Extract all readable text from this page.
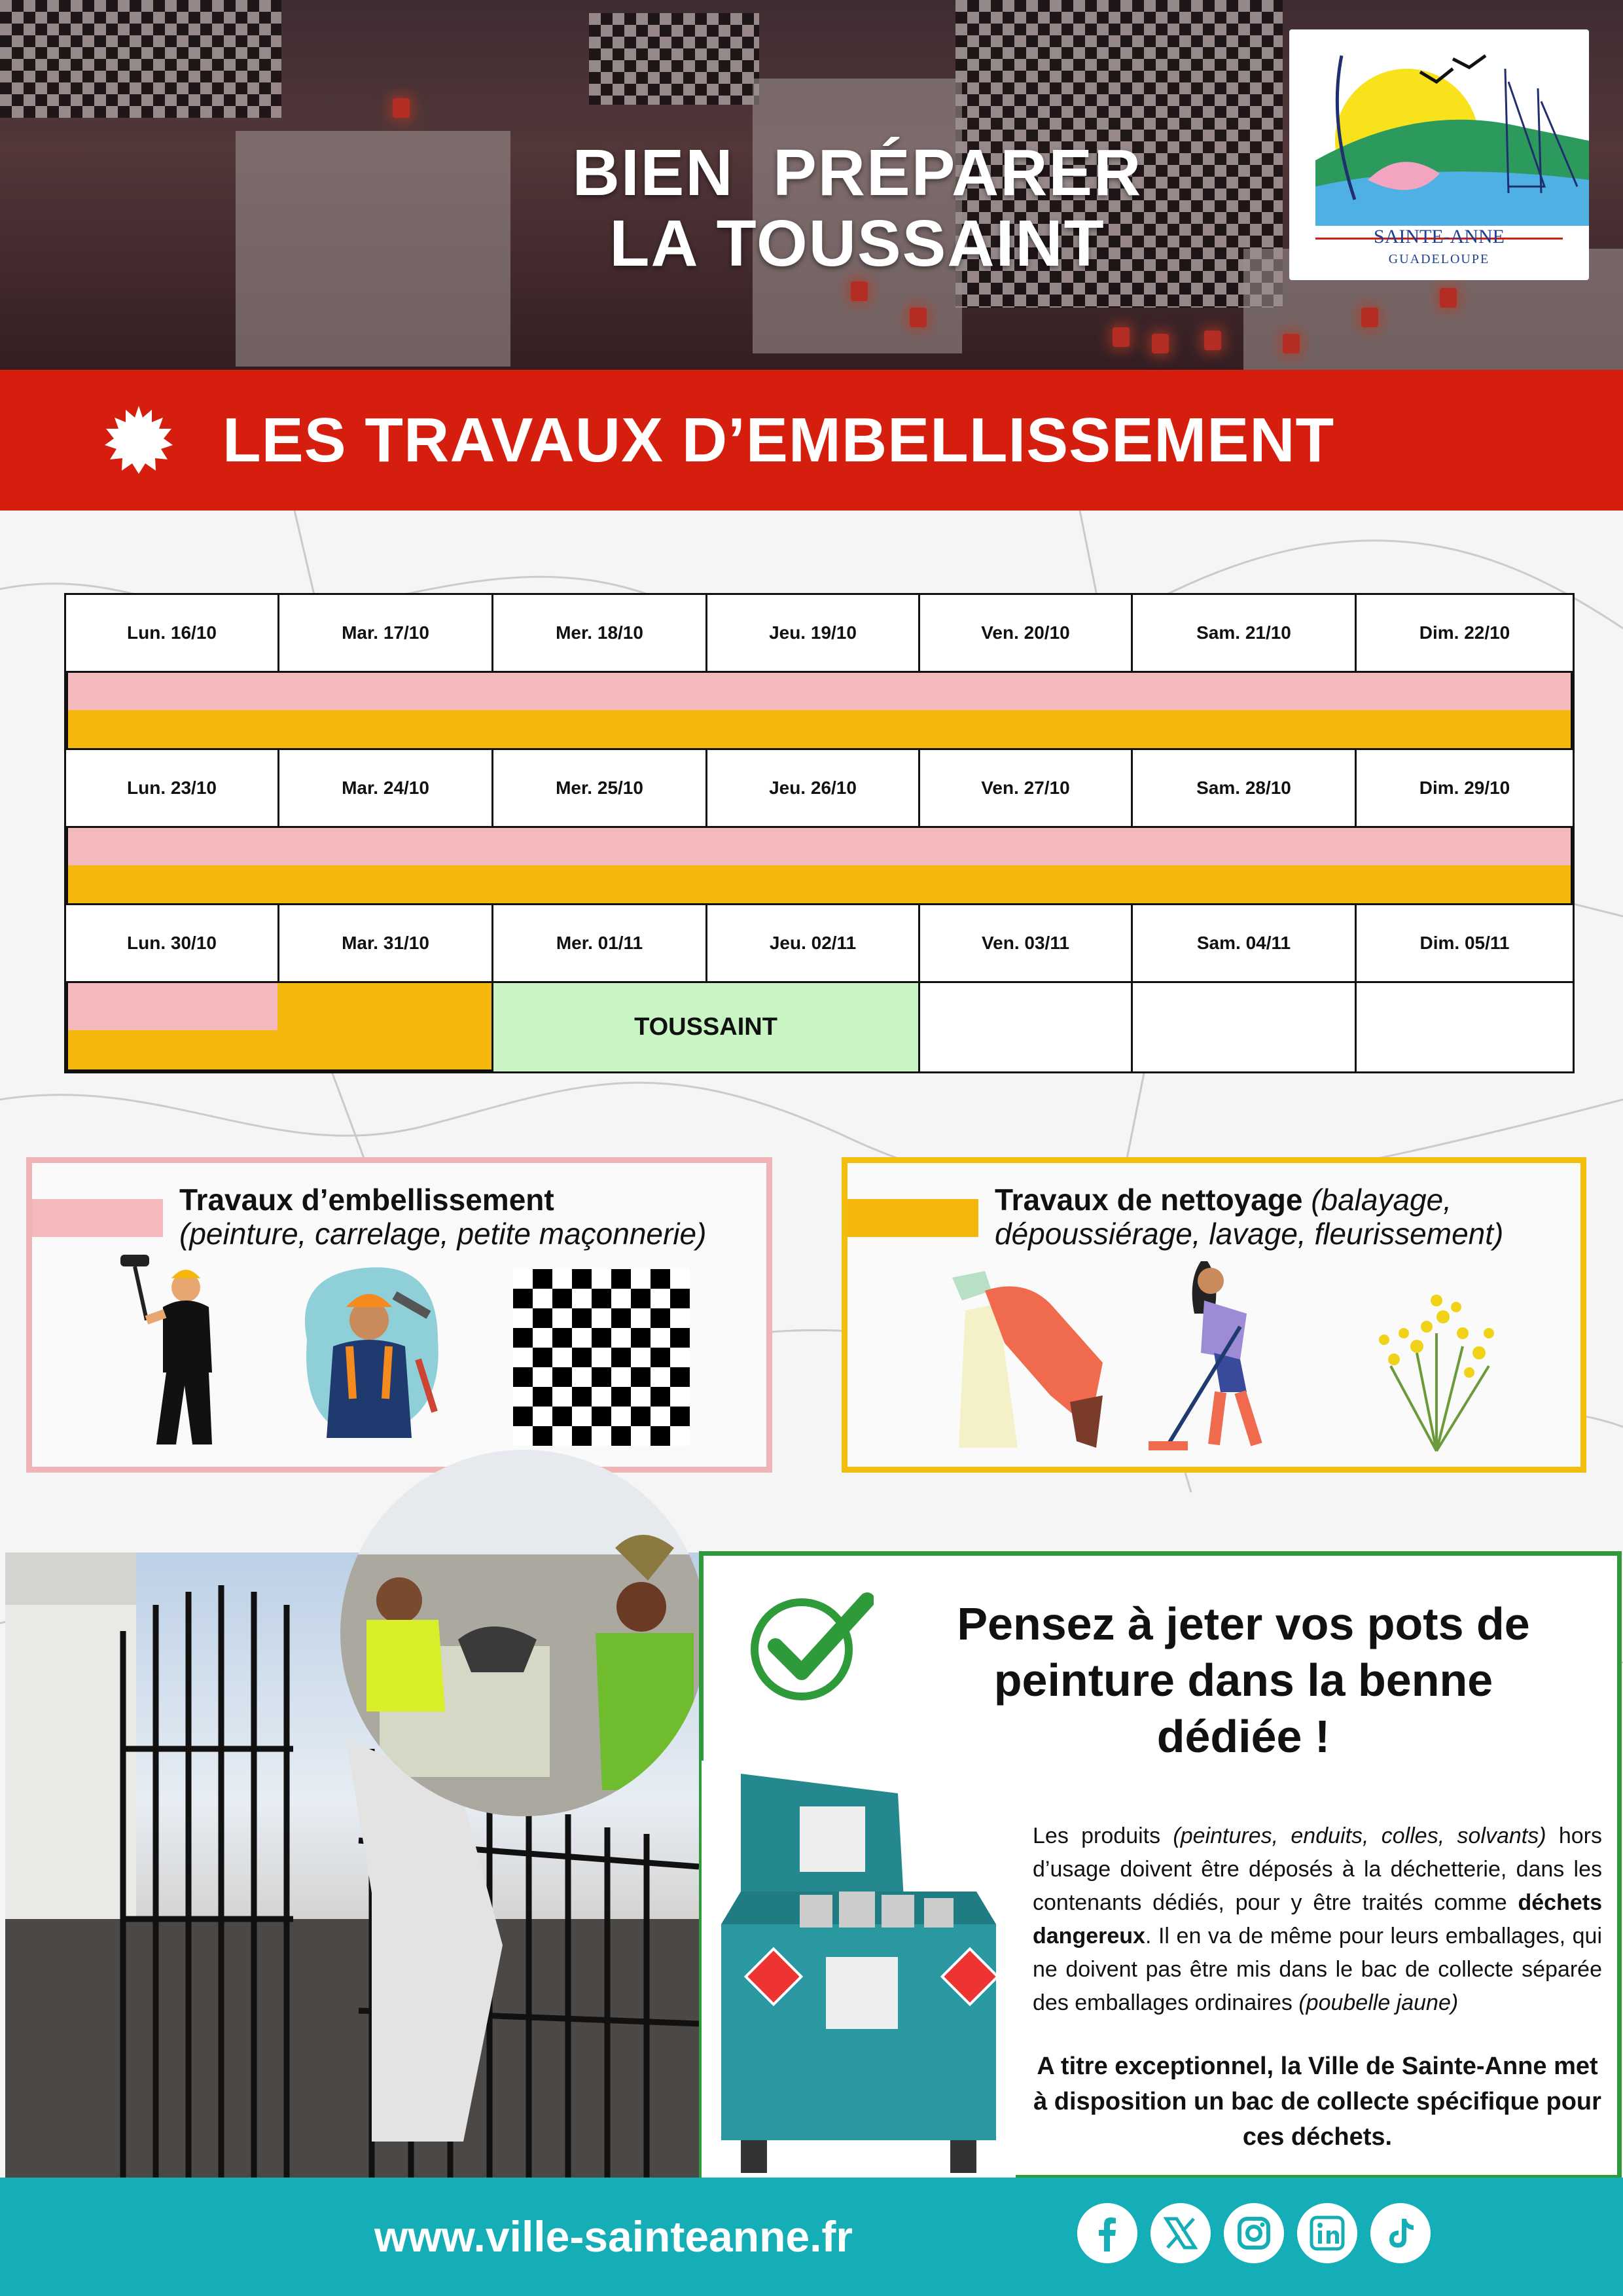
BIEN  PRÉPARER
LA TOUSSAINT	SAINTE-ANNE
GUADELOUPE
LES TRAVAUX D’EMBELLISSEMENT
Lun. 16/10	Mar. 17/10	Mer. 18/10	Jeu. 19/10	Ven. 20/10	Sam. 21/10	Dim. 22/10
Lun. 23/10	Mar. 24/10	Mer. 25/10	Jeu. 26/10	Ven. 27/10	Sam. 28/10	Dim. 29/10
Lun. 30/10	Mar. 31/10	Mer. 01/11	Jeu. 02/11	Ven. 03/11	Sam. 04/11	Dim. 05/11
TOUSSAINT
Travaux d’embellissement
(peinture, carrelage, petite maçonnerie)
Travaux de nettoyage (balayage,
dépoussiérage, lavage, fleurissement)
Pensez à jeter vos pots de peinture dans la benne dédiée !
Les produits (peintures, enduits, colles, solvants) hors d’usage doivent être déposés à la déchetterie, dans les contenants dédiés, pour y être traités comme déchets dangereux. Il en va de même pour leurs emballages, qui ne doivent pas être mis dans le bac de collecte séparée des emballages ordinaires (poubelle jaune)
A titre exceptionnel, la Ville de Sainte-Anne met à disposition un bac de collecte spécifique pour ces déchets.
www.ville-sainteanne.fr
